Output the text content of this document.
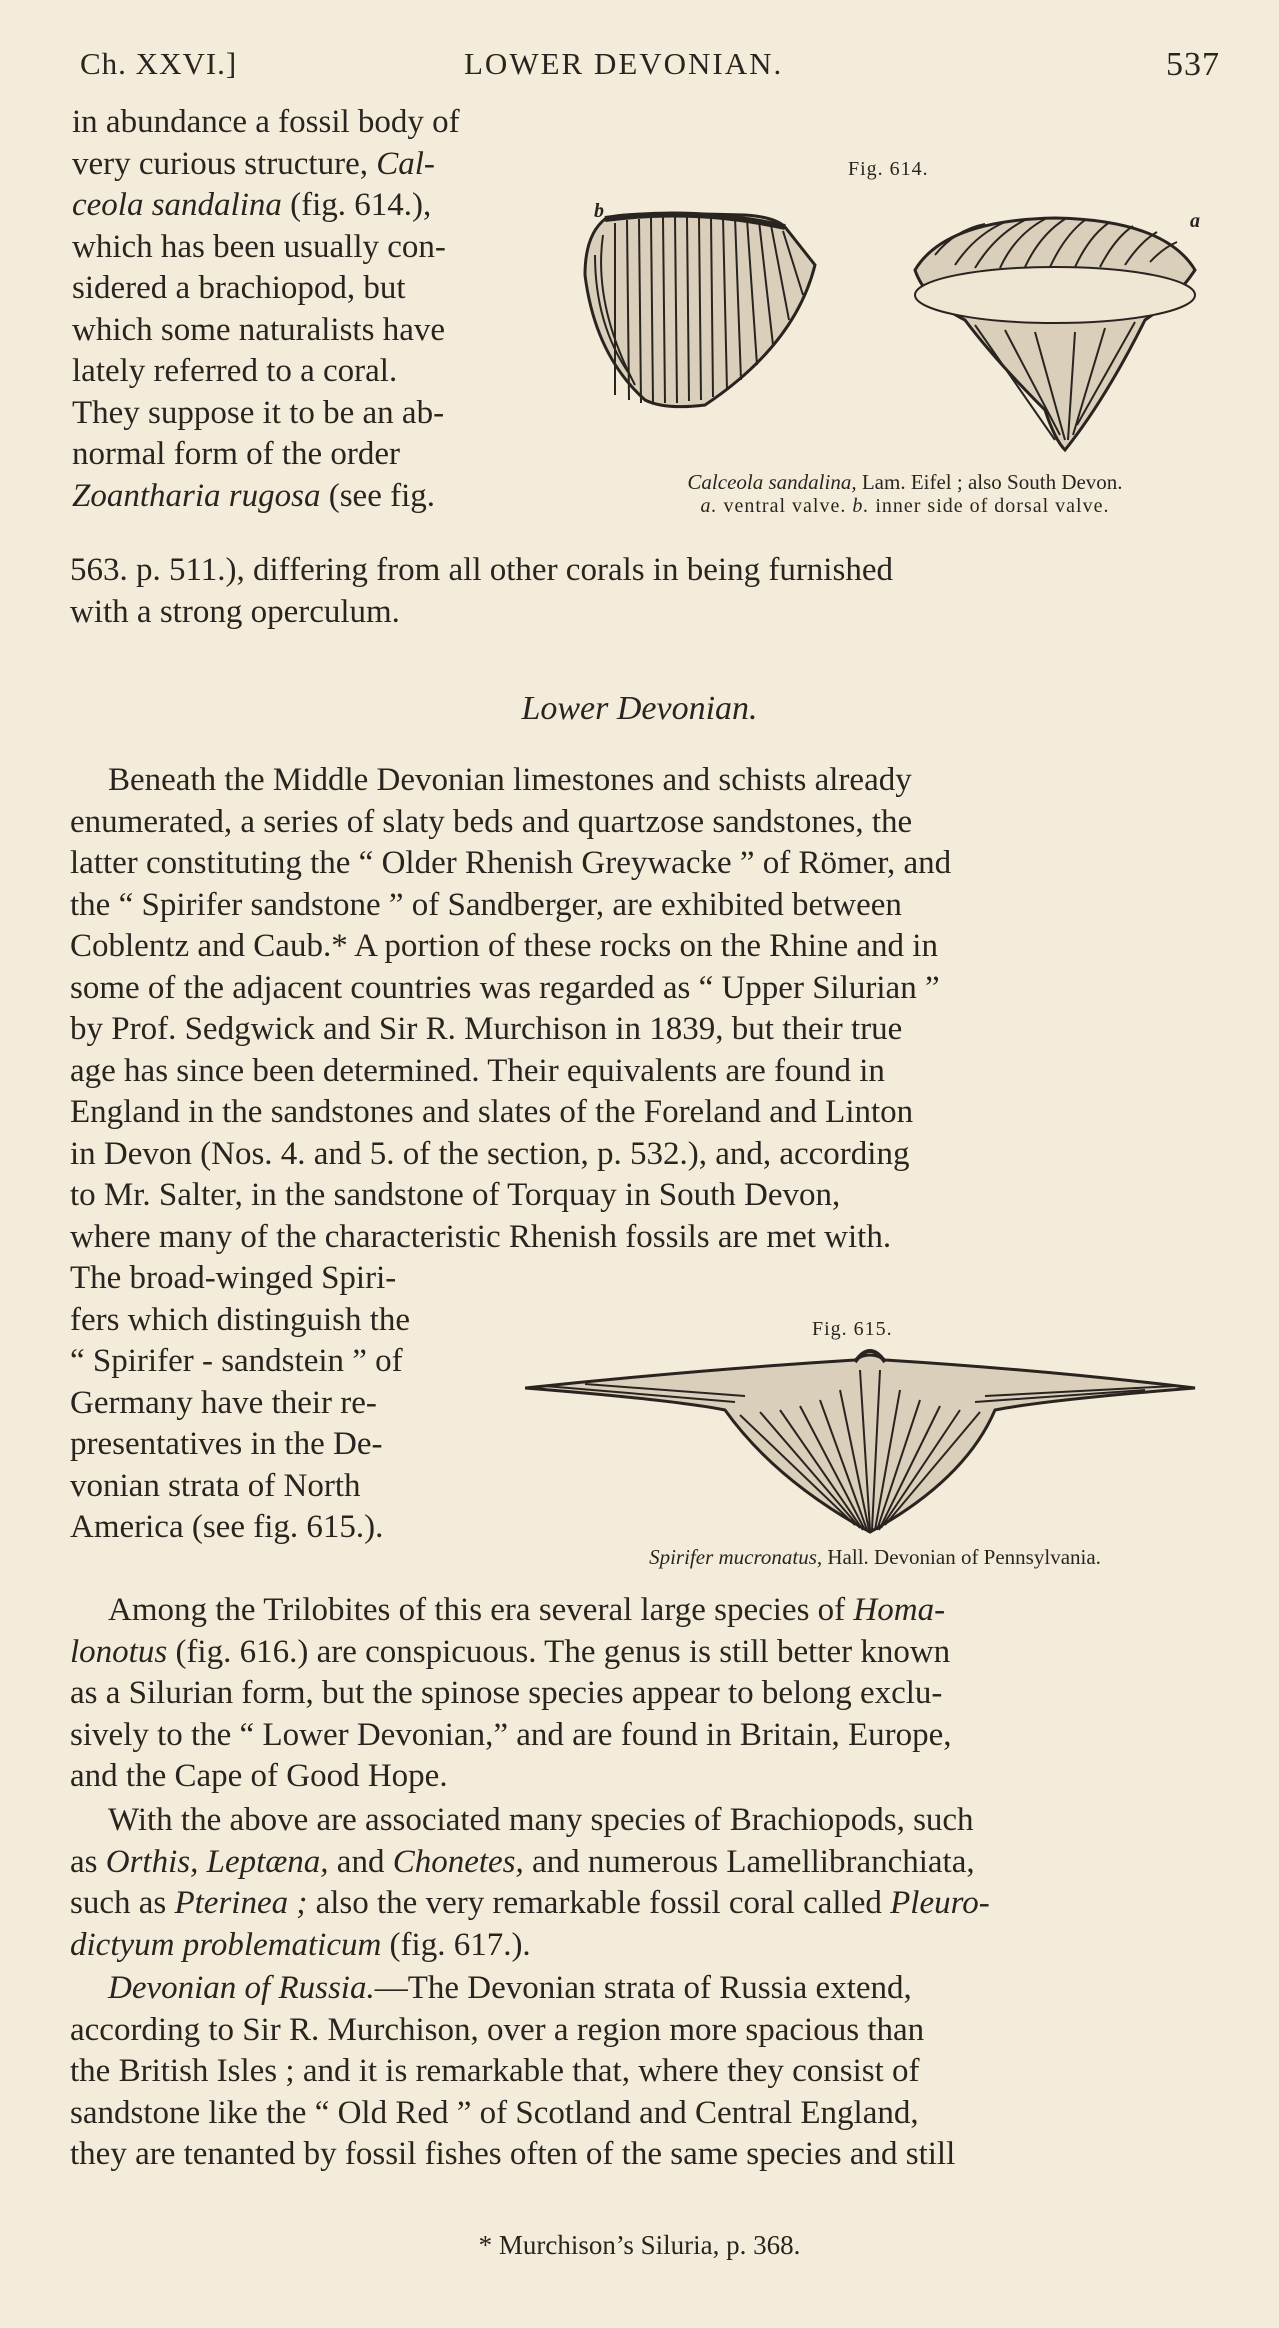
Ch. XXVI.]	LOWER DEVONIAN.	537

in abundance a fossil body of

very curious structure, Cal-

ceola sandalina (fig. 614.),

which has been usually con-

sidered a brachiopod, but

which some naturalists have

lately referred to a coral.

They suppose it to be an ab-

normal form of the order

Zoantharia rugosa (see fig.

563. p. 511.), differing from all other corals in being furnished

with a strong operculum.

Fig. 614.
b	a
Calceola sandalina, Lam. Eifel ; also South Devon.
a. ventral valve. b. inner side of dorsal valve.
Lower Devonian.

Beneath the Middle Devonian limestones and schists already

enumerated, a series of slaty beds and quartzose sandstones, the

latter constituting the “ Older Rhenish Greywacke ” of Römer, and

the “ Spirifer sandstone ” of Sandberger, are exhibited between

Coblentz and Caub.* A portion of these rocks on the Rhine and in

some of the adjacent countries was regarded as “ Upper Silurian ”

by Prof. Sedgwick and Sir R. Murchison in 1839, but their true

age has since been determined. Their equivalents are found in

England in the sandstones and slates of the Foreland and Linton

in Devon (Nos. 4. and 5. of the section, p. 532.), and, according

to Mr. Salter, in the sandstone of Torquay in South Devon,

where many of the characteristic Rhenish fossils are met with.

The broad-winged Spiri-

fers which distinguish the

“ Spirifer - sandstein ” of

Germany have their re-

presentatives in the De-

vonian strata of North

America (see fig. 615.).

Fig. 615.
Spirifer mucronatus, Hall. Devonian of Pennsylvania.

Among the Trilobites of this era several large species of Homa-

lonotus (fig. 616.) are conspicuous. The genus is still better known

as a Silurian form, but the spinose species appear to belong exclu-

sively to the “ Lower Devonian,” and are found in Britain, Europe,

and the Cape of Good Hope.

With the above are associated many species of Brachiopods, such

as Orthis, Leptæna, and Chonetes, and numerous Lamellibranchiata,

such as Pterinea ; also the very remarkable fossil coral called Pleuro-

dictyum problematicum (fig. 617.).

Devonian of Russia.—The Devonian strata of Russia extend,

according to Sir R. Murchison, over a region more spacious than

the British Isles ; and it is remarkable that, where they consist of

sandstone like the “ Old Red ” of Scotland and Central England,

they are tenanted by fossil fishes often of the same species and still

* Murchison’s Siluria, p. 368.
